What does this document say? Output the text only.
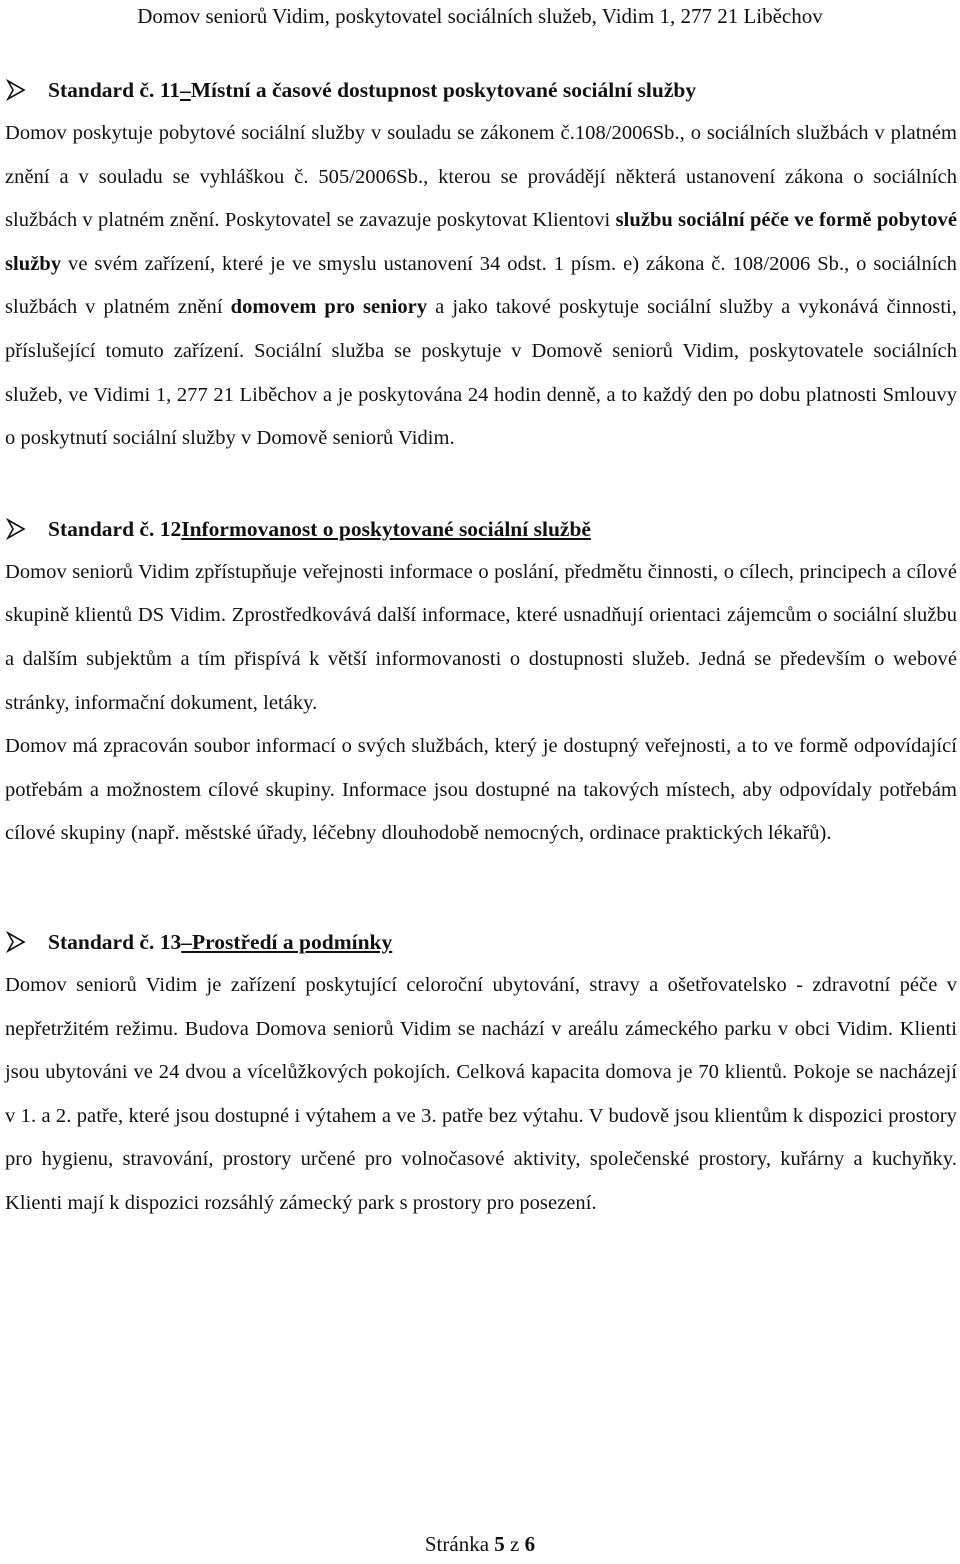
Domov seniorů Vidim, poskytovatel sociálních služeb, Vidim 1, 277 21 Liběchov
Standard č. 11 – Místní a časové dostupnost poskytované sociální služby

Domov poskytuje pobytové sociální služby v souladu se zákonem č.108/2006Sb., o sociálních službách v platném znění a v souladu se vyhláškou č. 505/2006Sb., kterou se provádějí některá ustanovení zákona o sociálních službách v platném znění. Poskytovatel se zavazuje poskytovat Klientovi službu sociální péče ve formě pobytové služby ve svém zařízení, které je ve smyslu ustanovení 34 odst. 1 písm. e) zákona č. 108/2006 Sb., o sociálních službách v platném znění domovem pro seniory a jako takové poskytuje sociální služby a vykonává činnosti, příslušející tomuto zařízení. Sociální služba se poskytuje v Domově seniorů Vidim, poskytovatele sociálních služeb, ve Vidimi 1, 277 21 Liběchov a je poskytována 24 hodin denně, a to každý den po dobu platnosti Smlouvy o poskytnutí sociální služby v Domově seniorů Vidim.

Standard č. 12 Informovanost o poskytované sociální službě

Domov seniorů Vidim zpřístupňuje veřejnosti informace o poslání, předmětu činnosti, o cílech, principech a cílové skupině klientů DS Vidim. Zprostředkovává další informace, které usnadňují orientaci zájemcům o sociální službu a dalším subjektům a tím přispívá k větší informovanosti o dostupnosti služeb. Jedná se především o webové stránky, informační dokument, letáky.

Domov má zpracován soubor informací o svých službách, který je dostupný veřejnosti, a to ve formě odpovídající potřebám a možnostem cílové skupiny. Informace jsou dostupné na takových místech, aby odpovídaly potřebám cílové skupiny (např. městské úřady, léčebny dlouhodobě nemocných, ordinace praktických lékařů).

Standard č. 13 – Prostředí a podmínky

Domov seniorů Vidim je zařízení poskytující celoroční ubytování, stravy a ošetřovatelsko - zdravotní péče v nepřetržitém režimu. Budova Domova seniorů Vidim se nachází v areálu zámeckého parku v obci Vidim. Klienti jsou ubytováni ve 24 dvou a vícelůžkových pokojích. Celková kapacita domova je 70 klientů. Pokoje se nacházejí v 1. a 2. patře, které jsou dostupné i výtahem a ve 3. patře bez výtahu. V budově jsou klientům k dispozici prostory pro hygienu, stravování, prostory určené pro volnočasové aktivity, společenské prostory, kuřárny a kuchyňky. Klienti mají k dispozici rozsáhlý zámecký park s prostory pro posezení.

Stránka 5 z 6
